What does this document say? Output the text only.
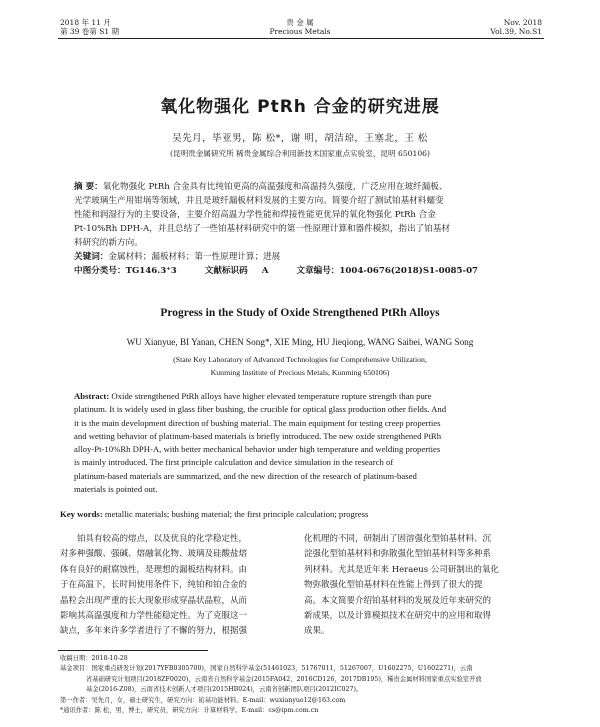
2018 年 11 月
第 39 卷第 S1 期
贵 金 属
Precious Metals
Nov. 2018
Vol.39, No.S1
氧化物强化 PtRh 合金的研究进展
吴先月，毕亚男，陈 松*，谢 明，胡洁琼，王塞北，王 松
(昆明贵金属研究所 稀贵金属综合利用新技术国家重点实验室，昆明 650106)
摘 要：氧化物强化 PtRh 合金具有比纯铂更高的高温强度和高温持久强度，广泛应用在玻纤漏板、
光学玻璃生产用钳埚等领域，并且是玻纤漏板材料发展的主要方向。简要介绍了测试铂基材料蠕变
性能和润湿行为的主要设备，主要介绍高温力学性能和焊接性能更优异的氧化物强化 PtRh 合金
Pt-10%Rh DPH-A，并且总结了一些铂基材料研究中的第一性原理计算和器件模拟，指出了铂基材
料研究的新方向。
关键词：金属材料；漏板材料；第一性原理计算；进展
中图分类号：TG146.3⁺3	文献标识码 A	文章编号：1004-0676(2018)S1-0085-07
Progress in the Study of Oxide Strengthened PtRh Alloys
WU Xianyue, BI Yanan, CHEN Song*, XIE Ming, HU Jieqiong, WANG Saibei, WANG Song
(State Key Laboratory of Advanced Technologies for Comprehensive Utilization,
Kunming Institute of Precious Metals, Kunming 650106)
Abstract: Oxide strengthened PtRh alloys have higher elevated temperature rupture strength than pure
platinum. It is widely used in glass fiber bushing, the crucible for optical glass production other fields. And
it is the main development direction of bushing material. The main equipment for testing creep properties
and wetting behavior of platinum-based materials is briefly introduced. The new oxide strengthened PtRh
alloy-Pt-10%Rh DPH-A, with better mechanical behavior under high temperature and welding properties
is mainly introduced. The first principle calculation and device simulation in the research of
platinum-based materials are summarized, and the new direction of the research of platinum-based
materials is pointed out.
Key words: metallic materials; bushing material; the first principle calculation; progress
铂具有较高的熔点，以及优良的化学稳定性，
对多种强酸、强碱、熔融氧化物、玻璃及硅酸盐熔
体有良好的耐腐蚀性，是理想的漏板结构材料。由
于在高温下，长时间使用条件下，纯铂和铂合金的
晶粒会出现严重的长大现象形成穿晶状晶粒，从而
影响其高温强度和力学性能稳定性。为了克服这一
缺点，多年来许多学者进行了不懈的努力，根据强
化机理的不同，研制出了固溶强化型铂基材料、沉
淀强化型铂基材料和弥散强化型铂基材料等多种系
列材料。尤其是近年来 Heraeus 公司研制出的氧化
物弥散强化型铂基材料在性能上得到了很大的提
高。本文简要介绍铂基材料的发展及近年来研究的
新成果，以及计算模拟技术在研究中的应用和取得
成果。
收稿日期：2018-10-28
基金项目：国家重点研发计划(2017YFB0305700)，国家自然科学基金(51461023，51767011，51267007，U1602275，U1602271)，云南
省基础研究计划项目(2018ZF0020)，云南省自然科学基金(2015FA042，2016CD126，2017DB195)，稀贵金属材料国家重点实验室开放
基金(2016-Z08)，云南省技术创新人才项目(2015HB024)，云南省创新团队项目(2012IC027)。
第一作者：吴先月，女，硕士研究生，研究方向：铂基功能材料。E-mail：wuxianyue12@163.com
*通讯作者：陈 松，男，博士，研究员，研究方向：计算材料学。E-mail：cs@ipm.com.cn
